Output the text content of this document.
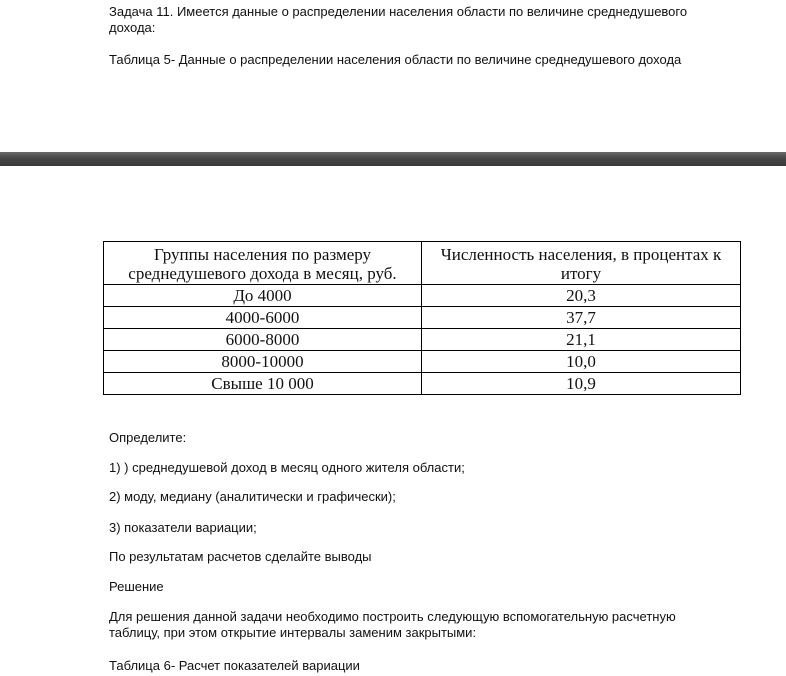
Задача 11. Имеется данные о распределении населения области по величине среднедушевого дохода:
Таблица 5- Данные о распределении населения области по величине среднедушевого дохода
Группы населения по размеру среднедушевого дохода в месяц, руб.	Численность населения, в процентах к итогу
До 4000	20,3
4000-6000	37,7
6000-8000	21,1
8000-10000	10,0
Свыше 10 000	10,9
Определите:
1) ) среднедушевой доход в месяц одного жителя области;
2) моду, медиану (аналитически и графически);
3) показатели вариации;
По результатам расчетов сделайте выводы
Решение
Для решения данной задачи необходимо построить следующую вспомогательную расчетную таблицу, при этом открытие интервалы заменим закрытыми:
Таблица 6- Расчет показателей вариации
